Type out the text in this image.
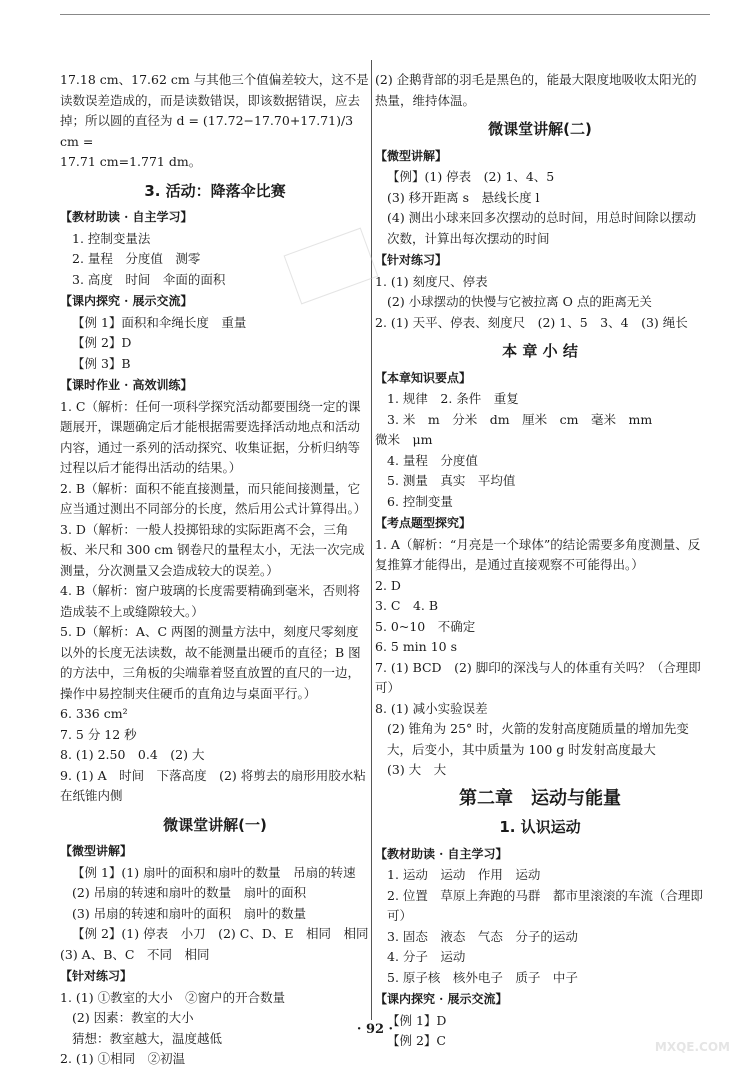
17.18 cm、17.62 cm 与其他三个值偏差较大，这不是读数误差造成的，而是读数错误，即该数据错误，应去掉；所以圆的直径为 d = (17.72−17.70+17.71)/3 cm =

17.71 cm=1.771 dm。

3. 活动：降落伞比赛

【教材助读 · 自主学习】

1. 控制变量法

2. 量程　分度值　测零

3. 高度　时间　伞面的面积

【课内探究 · 展示交流】

【例 1】面积和伞绳长度　重量

【例 2】D

【例 3】B

【课时作业 · 高效训练】

1. C（解析：任何一项科学探究活动都要围绕一定的课题展开，课题确定后才能根据需要选择活动地点和活动内容，通过一系列的活动探究、收集证据，分析归纳等过程以后才能得出活动的结果。）

2. B（解析：面积不能直接测量，而只能间接测量，它应当通过测出不同部分的长度，然后用公式计算得出。）

3. D（解析：一般人投掷铅球的实际距离不会，三角板、米尺和 300 cm 钢卷尺的量程太小，无法一次完成测量，分次测量又会造成较大的误差。）

4. B（解析：窗户玻璃的长度需要精确到毫米，否则将造成装不上或缝隙较大。）

5. D（解析：A、C 两图的测量方法中，刻度尺零刻度以外的长度无法读数，故不能测量出硬币的直径；B 图的方法中，三角板的尖端靠着竖直放置的直尺的一边，操作中易控制夹住硬币的直角边与桌面平行。）

6. 336 cm²

7. 5 分 12 秒

8. (1) 2.50　0.4　(2) 大

9. (1) A　时间　下落高度　(2) 将剪去的扇形用胶水粘在纸锥内侧

微课堂讲解(一)

【微型讲解】

【例 1】(1) 扇叶的面积和扇叶的数量　吊扇的转速

(2) 吊扇的转速和扇叶的数量　扇叶的面积

(3) 吊扇的转速和扇叶的面积　扇叶的数量

【例 2】(1) 停表　小刀　(2) C、D、E　相同　相同

(3) A、B、C　不同　相同

【针对练习】

1. (1) ①教室的大小　②窗户的开合数量

(2) 因素：教室的大小

猜想：教室越大，温度越低

2. (1) ①相同　②初温

(2) 企鹅背部的羽毛是黑色的，能最大限度地吸收太阳光的热量，维持体温。

微课堂讲解(二)

【微型讲解】

【例】(1) 停表　(2) 1、4、5

(3) 移开距离 s　悬线长度 l

(4) 测出小球来回多次摆动的总时间，用总时间除以摆动次数，计算出每次摆动的时间

【针对练习】

1. (1) 刻度尺、停表

(2) 小球摆动的快慢与它被拉离 O 点的距离无关

2. (1) 天平、停表、刻度尺　(2) 1、5　3、4　(3) 绳长

本 章 小 结

【本章知识要点】

1. 规律　2. 条件　重复

3. 米　m　分米　dm　厘米　cm　毫米　mm

微米　μm

4. 量程　分度值

5. 测量　真实　平均值

6. 控制变量

【考点题型探究】

1. A（解析：“月亮是一个球体”的结论需要多角度测量、反复推算才能得出，是通过直接观察不可能得出。）

2. D

3. C　4. B

5. 0~10　不确定

6. 5 min 10 s

7. (1) BCD　(2) 脚印的深浅与人的体重有关吗？（合理即可）

8. (1) 减小实验误差

(2) 锥角为 25° 时，火箭的发射高度随质量的增加先变大，后变小，其中质量为 100 g 时发射高度最大

(3) 大　大

第二章　运动与能量
1. 认识运动

【教材助读 · 自主学习】

1. 运动　运动　作用　运动

2. 位置　草原上奔跑的马群　都市里滚滚的车流（合理即可）

3. 固态　液态　气态　分子的运动

4. 分子　运动

5. 原子核　核外电子　质子　中子

【课内探究 · 展示交流】

【例 1】D

【例 2】C

· 92 ·
MXQE.COM
